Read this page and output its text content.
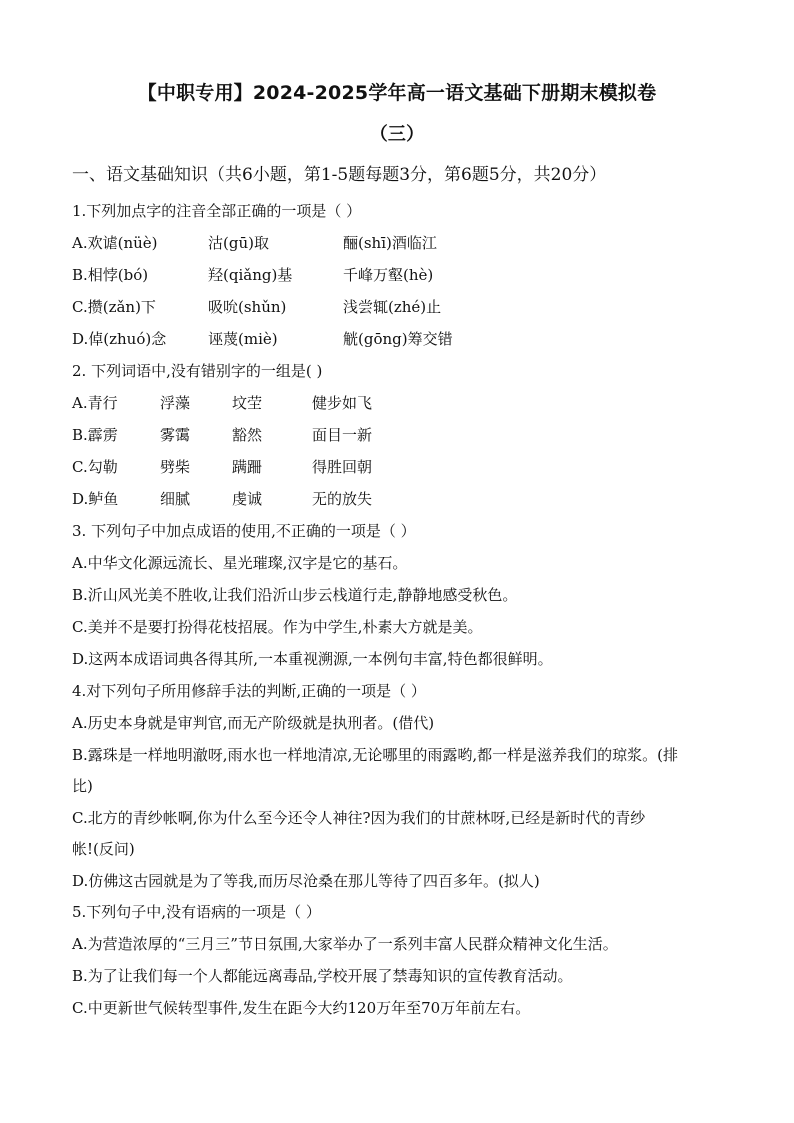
【中职专用】2024-2025学年高一语文基础下册期末模拟卷
（三）
一、语文基础知识（共6小题，第1-5题每题3分，第6题5分，共20分）
1.下列加点字的注音全部正确的一项是（ ）
A.欢谑(nüè)	沽(gū)取	酾(shī)酒临江
B.相悖(bó)	羟(qiǎng)基	千峰万壑(hè)
C.攒(zǎn)下	吸吮(shǔn)	浅尝辄(zhé)止
D.倬(zhuó)念	诬蔑(miè)	觥(gōng)筹交错
2. 下列词语中,没有错别字的一组是( )
A.青行	浮藻	坟茔	健步如飞
B.霹雳	雾霭	豁然	面目一新
C.勾勒	劈柴	蹒跚	得胜回朝
D.鲈鱼	细腻	虔诚	无的放失
3. 下列句子中加点成语的使用,不正确的一项是（ ）
A.中华文化源远流长、星光璀璨,汉字是它的基石。
B.沂山风光美不胜收,让我们沿沂山步云栈道行走,静静地感受秋色。
C.美并不是要打扮得花枝招展。作为中学生,朴素大方就是美。
D.这两本成语词典各得其所,一本重视溯源,一本例句丰富,特色都很鲜明。
4.对下列句子所用修辞手法的判断,正确的一项是（ ）
A.历史本身就是审判官,而无产阶级就是执刑者。(借代)
B.露珠是一样地明澈呀,雨水也一样地清凉,无论哪里的雨露哟,都一样是滋养我们的琼浆。(排
比)
C.北方的青纱帐啊,你为什么至今还令人神往?因为我们的甘蔗林呀,已经是新时代的青纱
帐!(反问)
D.仿佛这古园就是为了等我,而历尽沧桑在那儿等待了四百多年。(拟人)
5.下列句子中,没有语病的一项是（ ）
A.为营造浓厚的“三月三”节日氛围,大家举办了一系列丰富人民群众精神文化生活。
B.为了让我们每一个人都能远离毒品,学校开展了禁毒知识的宣传教育活动。
C.中更新世气候转型事件,发生在距今大约120万年至70万年前左右。
